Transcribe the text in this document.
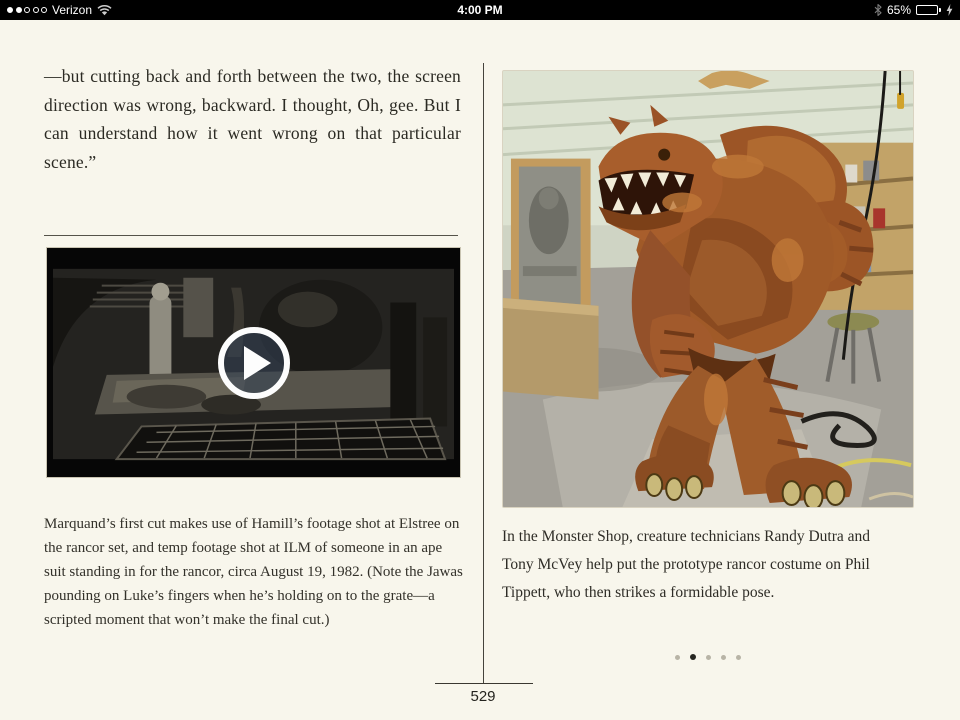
Verizon	4:00 PM	65%

—but cutting back and forth between the two, the screen direction was wrong, backward. I thought, Oh, gee. But I can understand how it went wrong on that particular scene.”

Marquand’s first cut makes use of Hamill’s footage shot at Elstree on the rancor set, and temp footage shot at ILM of someone in an ape suit standing in for the rancor, circa August 19, 1982. (Note the Jawas pounding on Luke’s fingers when he’s holding on to the grate—a scripted moment that won’t make the final cut.)

In the Monster Shop, creature technicians Randy Dutra and Tony McVey help put the prototype rancor costume on Phil Tippett, who then strikes a formidable pose.

529
